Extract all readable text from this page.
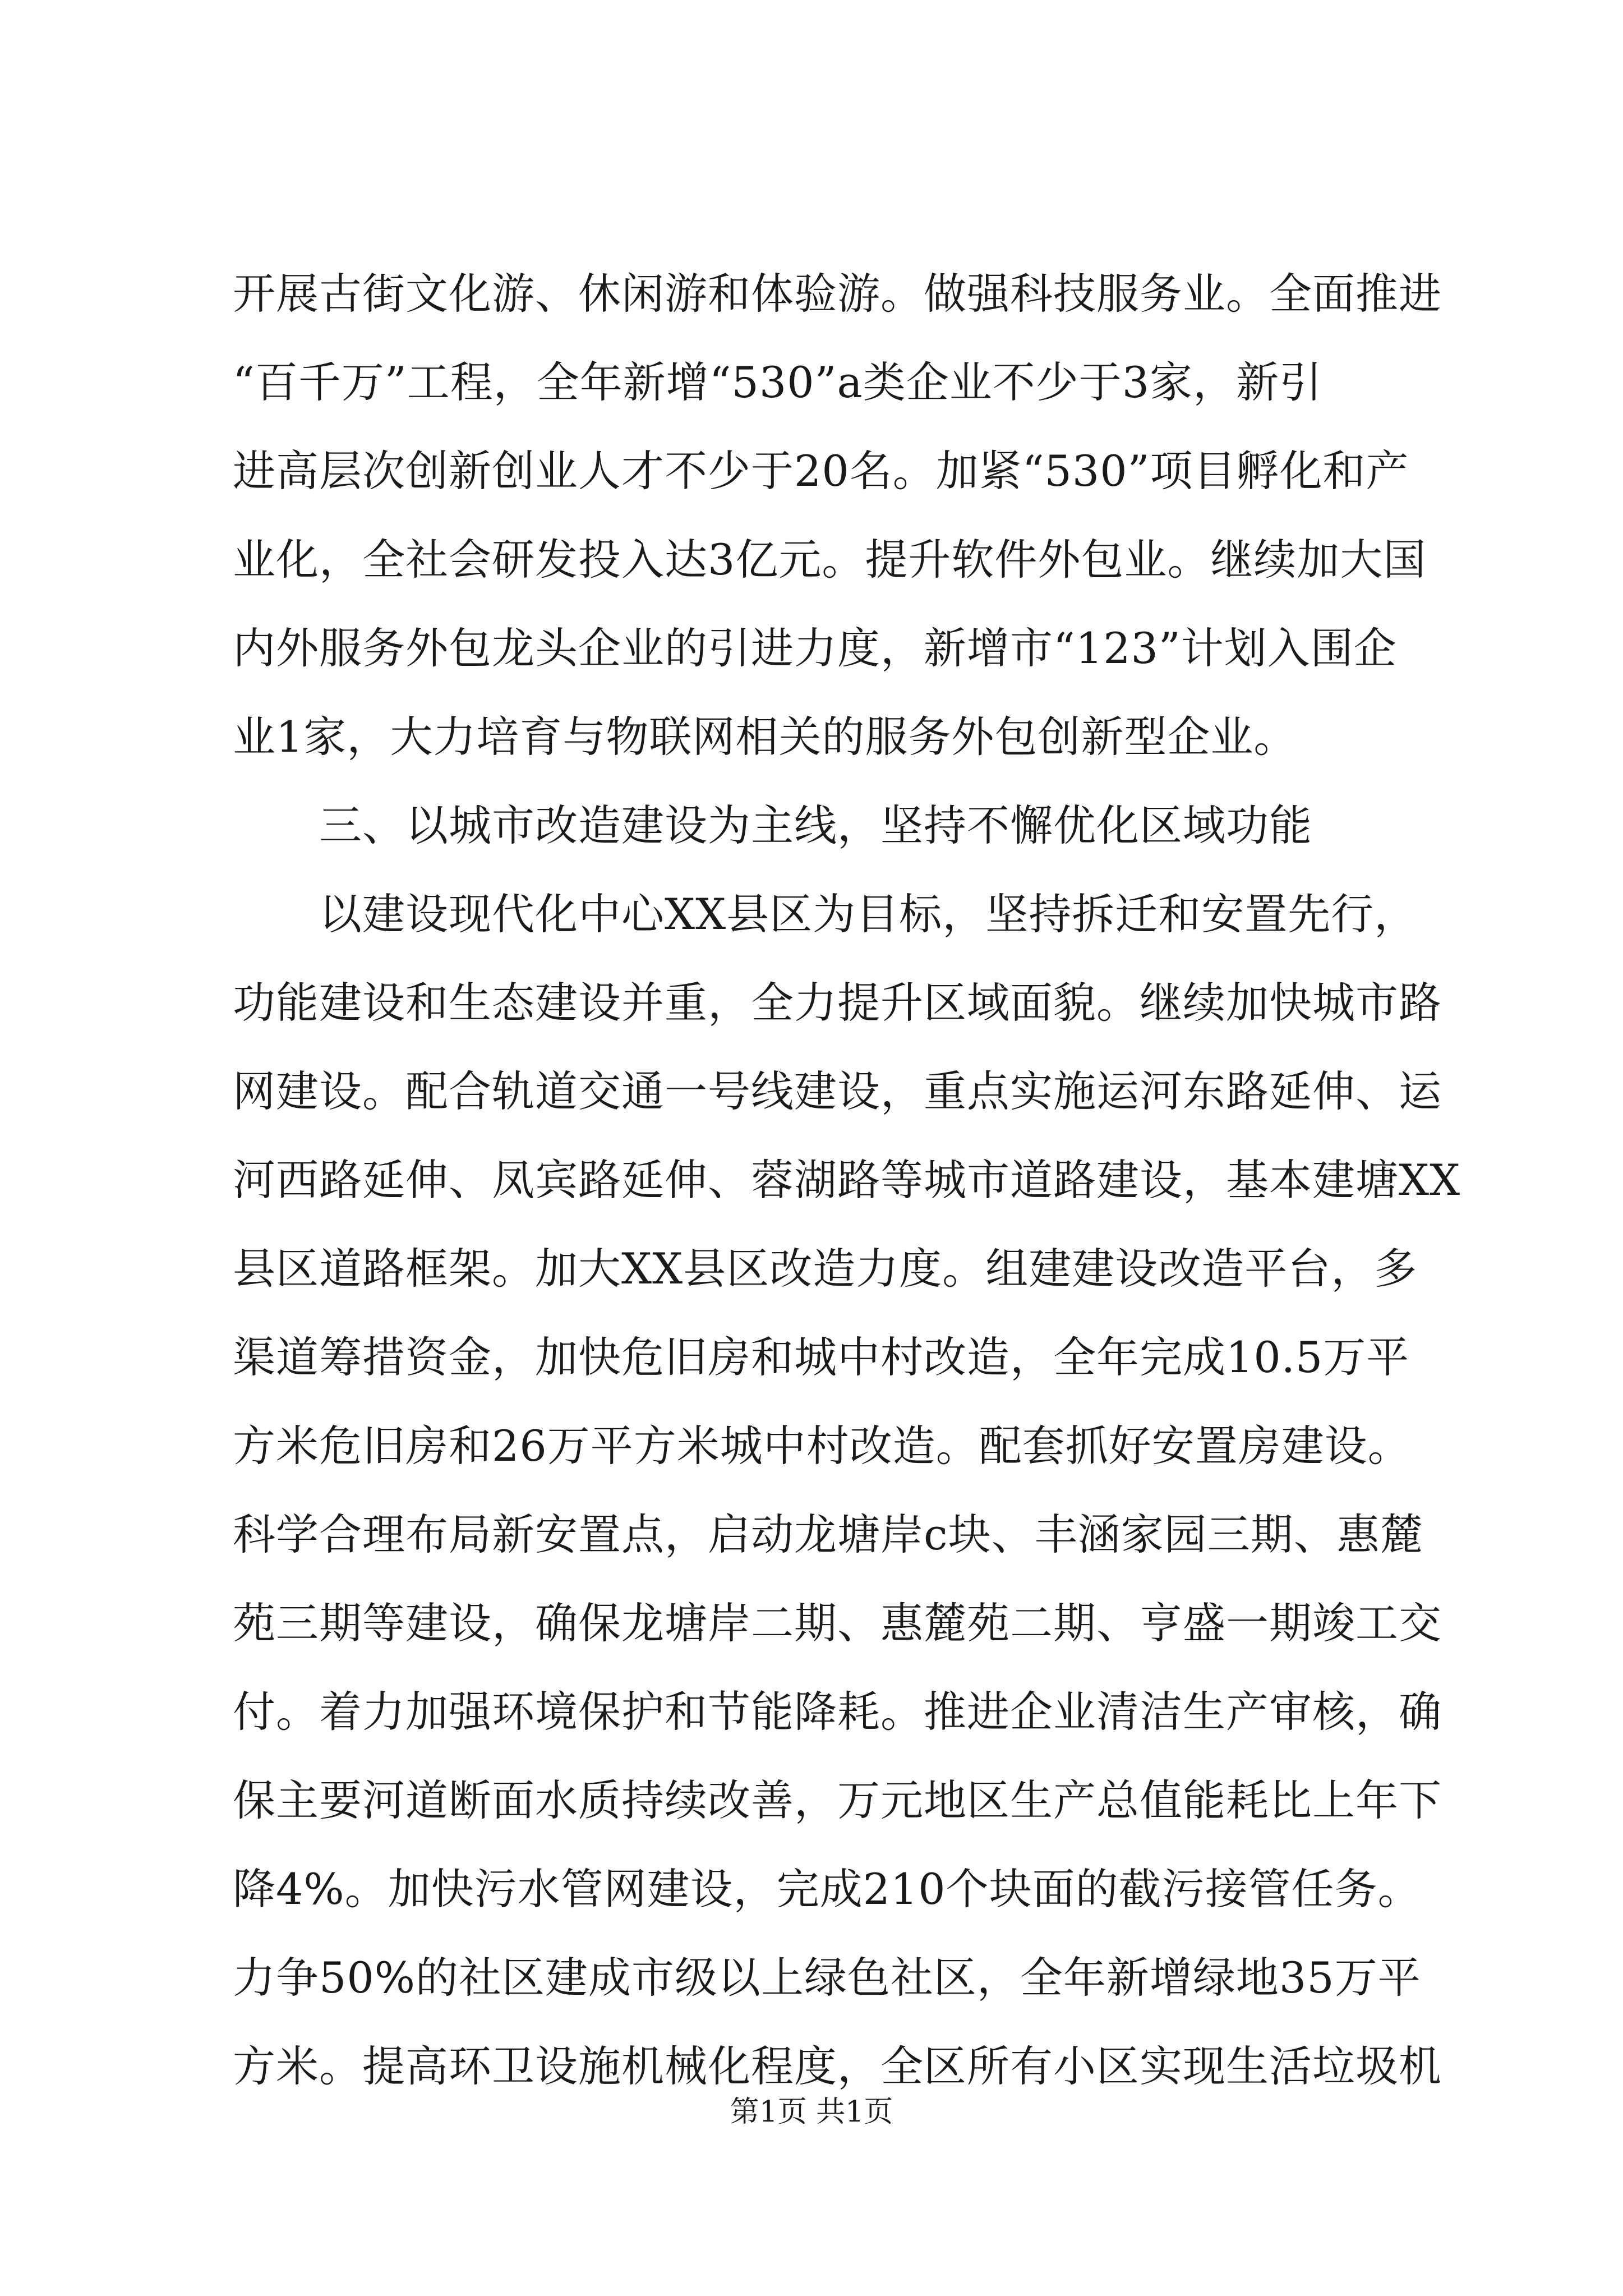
开展古街文化游、休闲游和体验游。做强科技服务业。全面推进
“百千万”工程，全年新增“530”a类企业不少于3家，新引
进高层次创新创业人才不少于20名。加紧“530”项目孵化和产
业化，全社会研发投入达3亿元。提升软件外包业。继续加大国
内外服务外包龙头企业的引进力度，新增市“123”计划入围企
业1家，大力培育与物联网相关的服务外包创新型企业。
三、以城市改造建设为主线，坚持不懈优化区域功能
以建设现代化中心XX县区为目标，坚持拆迁和安置先行，
功能建设和生态建设并重，全力提升区域面貌。继续加快城市路
网建设。配合轨道交通一号线建设，重点实施运河东路延伸、运
河西路延伸、凤宾路延伸、蓉湖路等城市道路建设，基本建塘XX
县区道路框架。加大XX县区改造力度。组建建设改造平台，多
渠道筹措资金，加快危旧房和城中村改造，全年完成10.5万平
方米危旧房和26万平方米城中村改造。配套抓好安置房建设。
科学合理布局新安置点，启动龙塘岸c块、丰涵家园三期、惠麓
苑三期等建设，确保龙塘岸二期、惠麓苑二期、亨盛一期竣工交
付。着力加强环境保护和节能降耗。推进企业清洁生产审核，确
保主要河道断面水质持续改善，万元地区生产总值能耗比上年下
降4%。加快污水管网建设，完成210个块面的截污接管任务。
力争50%的社区建成市级以上绿色社区，全年新增绿地35万平
方米。提高环卫设施机械化程度，全区所有小区实现生活垃圾机
第1页 共1页
